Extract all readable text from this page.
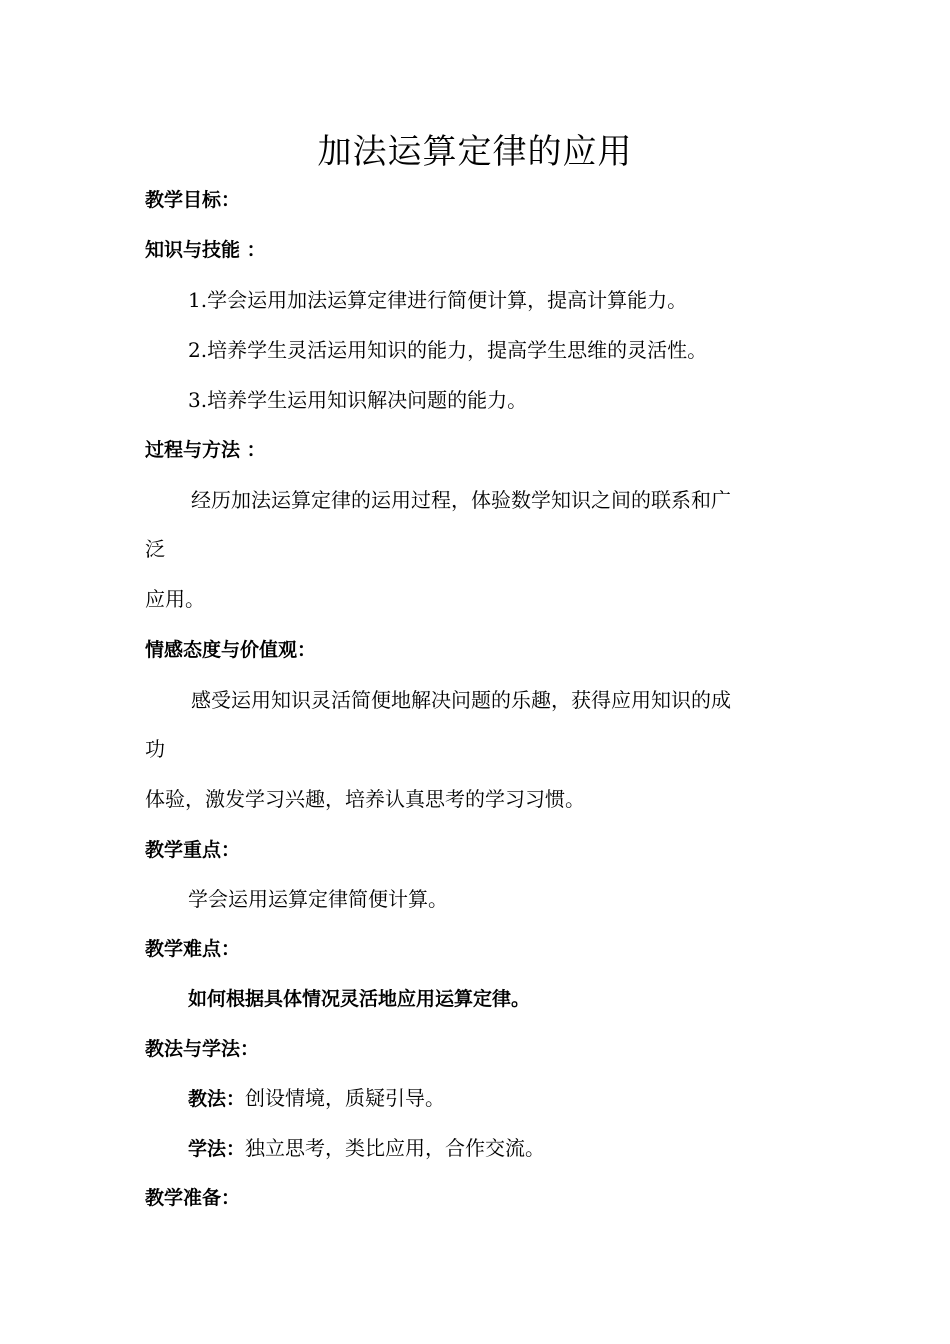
加法运算定律的应用
教学目标：
知识与技能 ：
1.学会运用加法运算定律进行简便计算，提高计算能力。
2.培养学生灵活运用知识的能力，提高学生思维的灵活性。
3.培养学生运用知识解决问题的能力。
过程与方法 ：
经历加法运算定律的运用过程，体验数学知识之间的联系和广
泛
应用。
情感态度与价值观：
感受运用知识灵活简便地解决问题的乐趣，获得应用知识的成
功
体验，激发学习兴趣，培养认真思考的学习习惯。
教学重点：
学会运用运算定律简便计算。
教学难点：
如何根据具体情况灵活地应用运算定律。
教法与学法：
教法：创设情境，质疑引导。
学法：独立思考，类比应用，合作交流。
教学准备：
